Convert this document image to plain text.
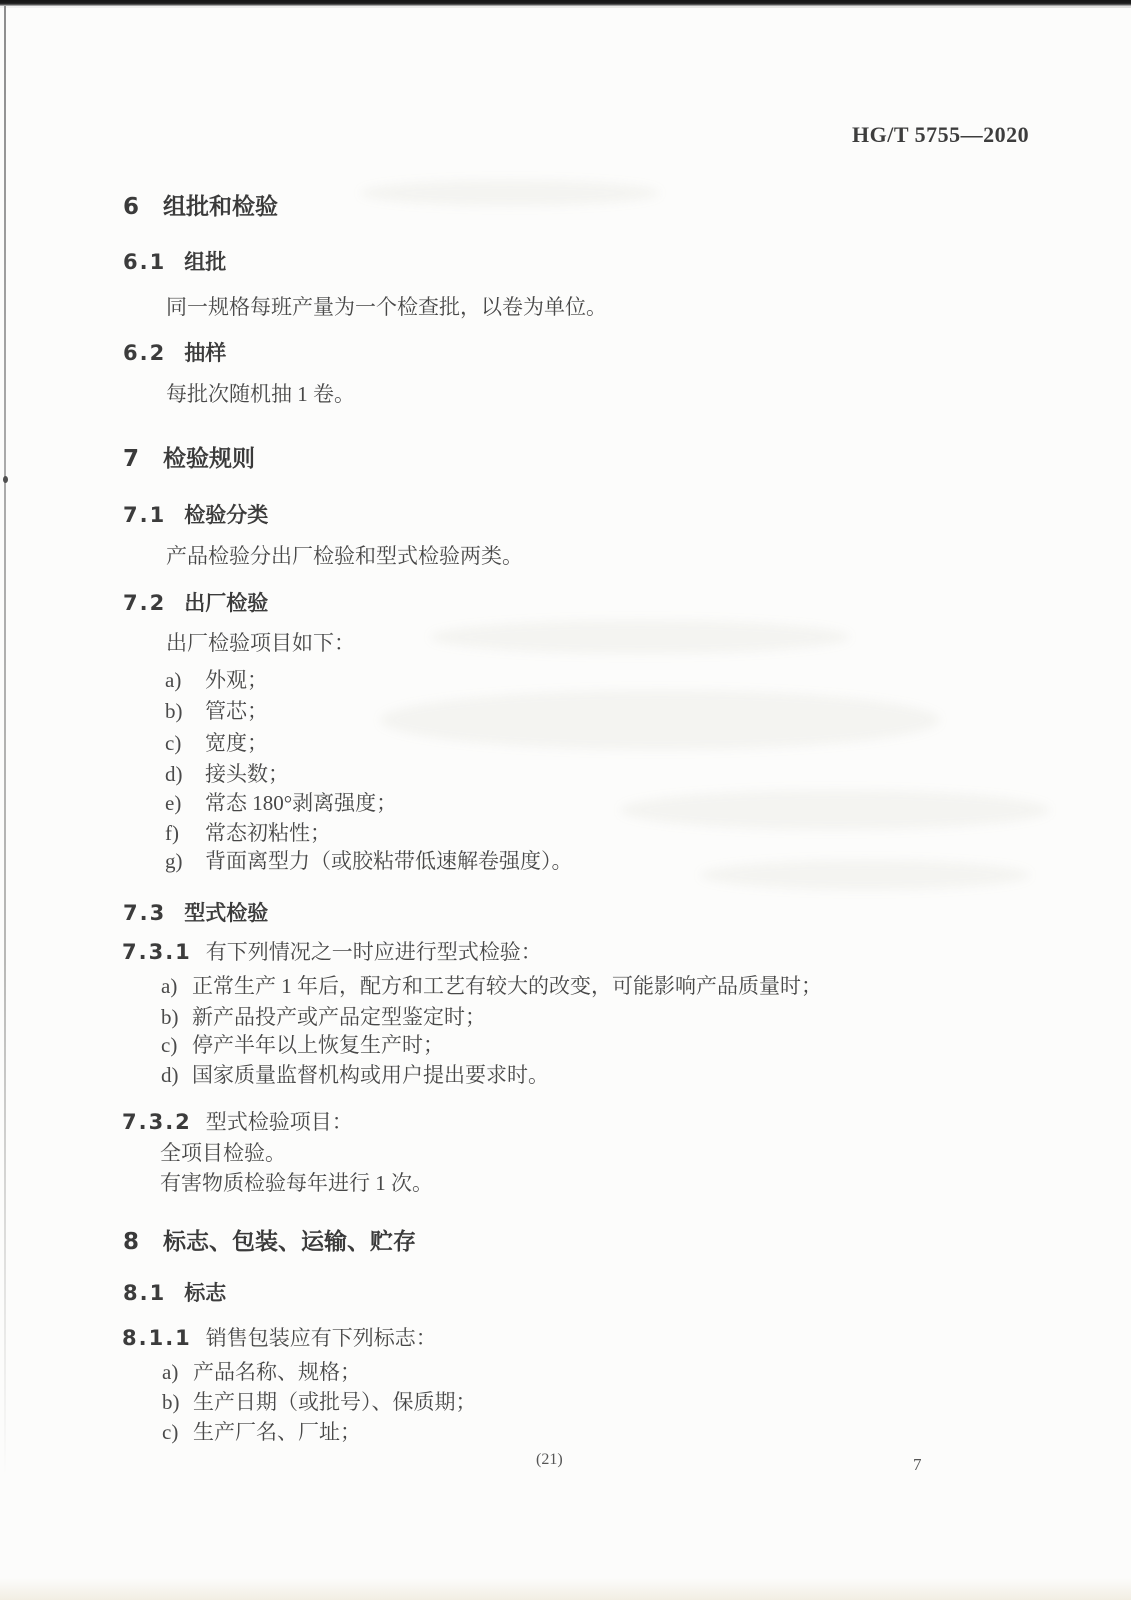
HG/T 5755—2020
6 组批和检验
6.1 组批
同一规格每班产量为一个检查批，以卷为单位。
6.2 抽样
每批次随机抽 1 卷。
7 检验规则
7.1 检验分类
产品检验分出厂检验和型式检验两类。
7.2 出厂检验
出厂检验项目如下：
a) 外观；
b) 管芯；
c) 宽度；
d) 接头数；
e) 常态 180°剥离强度；
f) 常态初粘性；
g) 背面离型力（或胶粘带低速解卷强度）。
7.3 型式检验
7.3.1 有下列情况之一时应进行型式检验：
a) 正常生产 1 年后，配方和工艺有较大的改变，可能影响产品质量时；
b) 新产品投产或产品定型鉴定时；
c) 停产半年以上恢复生产时；
d) 国家质量监督机构或用户提出要求时。
7.3.2 型式检验项目：
全项目检验。
有害物质检验每年进行 1 次。
8 标志、包装、运输、贮存
8.1 标志
8.1.1 销售包装应有下列标志：
a) 产品名称、规格；
b) 生产日期（或批号）、保质期；
c) 生产厂名、厂址；
(21)	7
